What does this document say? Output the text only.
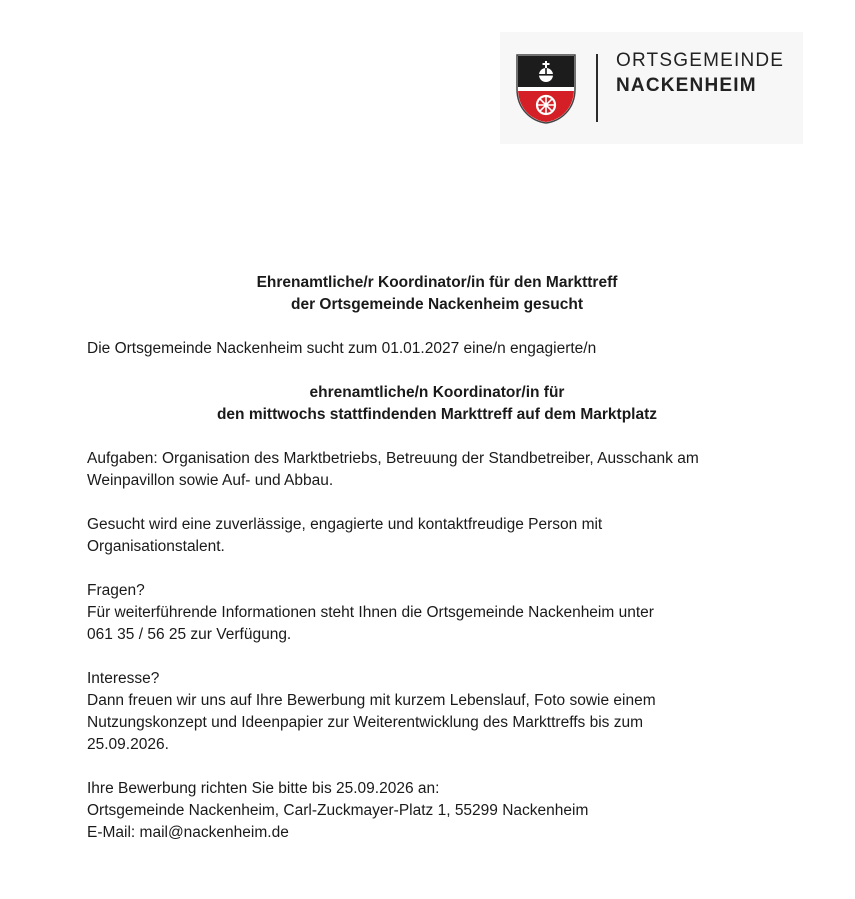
ORTSGEMEINDE
NACKENHEIM

Ehrenamtliche/r Koordinator/in für den Markttreff

der Ortsgemeinde Nackenheim gesucht

Die Ortsgemeinde Nackenheim sucht zum 01.01.2027 eine/n engagierte/n

ehrenamtliche/n Koordinator/in für

den mittwochs stattfindenden Markttreff auf dem Marktplatz

Aufgaben: Organisation des Marktbetriebs, Betreuung der Standbetreiber, Ausschank am

Weinpavillon sowie Auf- und Abbau.

Gesucht wird eine zuverlässige, engagierte und kontaktfreudige Person mit

Organisationstalent.

Fragen?

Für weiterführende Informationen steht Ihnen die Ortsgemeinde Nackenheim unter

061 35 / 56 25 zur Verfügung.

Interesse?

Dann freuen wir uns auf Ihre Bewerbung mit kurzem Lebenslauf, Foto sowie einem

Nutzungskonzept und Ideenpapier zur Weiterentwicklung des Markttreffs bis zum

25.09.2026.

Ihre Bewerbung richten Sie bitte bis 25.09.2026 an:

Ortsgemeinde Nackenheim, Carl-Zuckmayer-Platz 1, 55299 Nackenheim

E-Mail: mail@nackenheim.de
